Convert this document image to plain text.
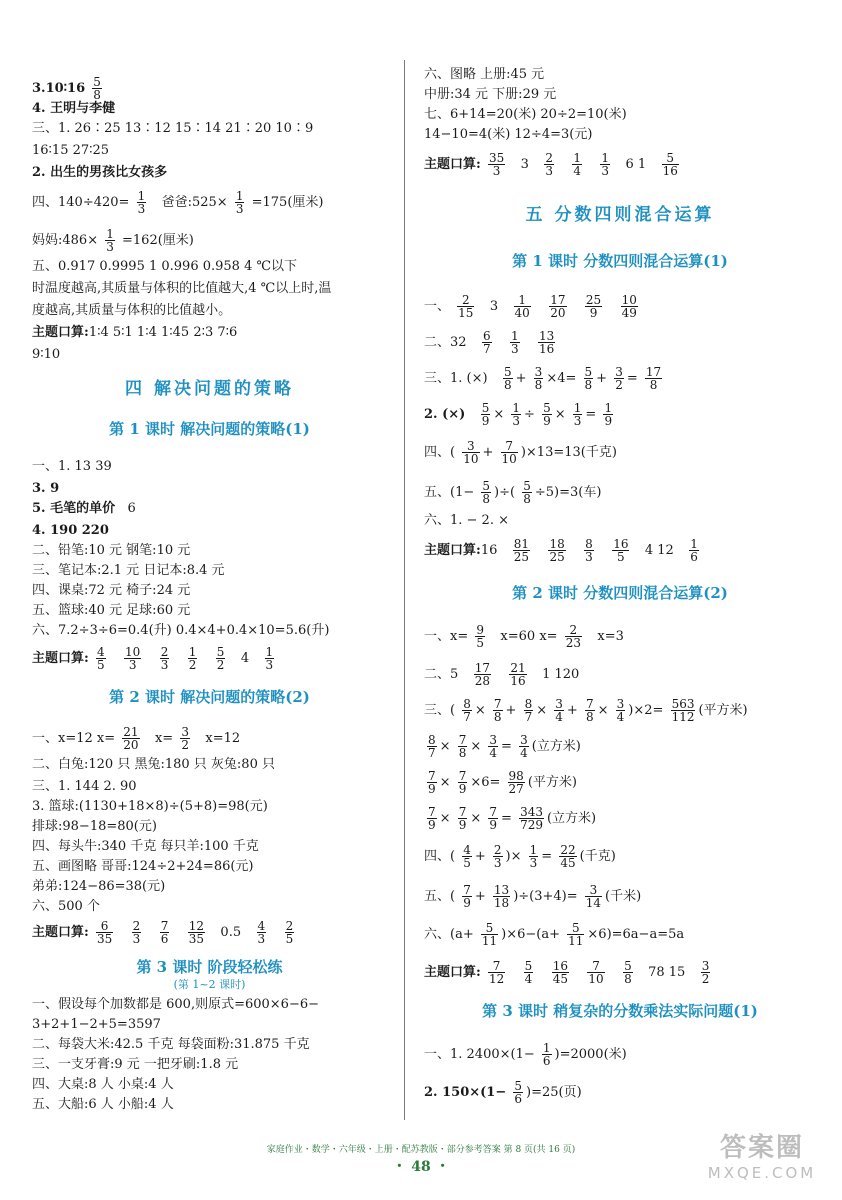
3.10∶16 $\frac{5}{8}$
4. 王明与李健
三、1. 26∶25 13∶12 15∶14 21∶20 10∶9
16∶15 27∶25
2. 出生的男孩比女孩多
四、$140\div 420= \frac{1}{3}$ 爸爸:525× $\frac{1}{3} =175$(厘米)
妈妈:486× $\frac{1}{3} =162$(厘米)
五、0.917 0.9995 1 0.996 0.958 4 ℃以下
时温度越高,其质量与体积的比值越大,4 ℃以上时,温
度越高,其质量与体积的比值越小。
主题口算:1∶4 5∶1 1∶4 1∶45 2∶3 7∶6
9∶10
四 解决问题的策略
第 1 课时 解决问题的策略(1)
一、1. 13 39
3. 9
5. 毛笔的单价 6
4. 190 220
二、铅笔:10 元 钢笔:10 元
三、笔记本:2.1 元 日记本:8.4 元
四、课桌:72 元 椅子:24 元
五、篮球:40 元 足球:60 元
六、7.2÷3÷6=0.4(升) 0.4×4+0.4×10=5.6(升)
主题口算: $\frac{4}{5}$
$\frac{10}{3}$
$\frac{2}{3}$
$\frac{1}{2}$
$\frac{5}{2} 4 \frac{1}{3}$
第 2 课时 解决问题的策略(2)
一、x=12 $x= \frac{21}{20} x= \frac{3}{2} x=12$
二、白兔:120 只 黑兔:180 只 灰兔:80 只
三、1. 144 2. 90
3. 篮球:(1130+18×8)÷(5+8)=98(元)
排球:98−18=80(元)
四、每头牛:340 千克 每只羊:100 千克
五、画图略 哥哥:124÷2+24=86(元)
弟弟:124−86=38(元)
六、500 个
主题口算: $\frac{6}{35}$
$\frac{2}{3}$
$\frac{7}{6}$
$\frac{12}{35} 0.5 \frac{4}{3}$
$\frac{2}{5}$
第 3 课时 阶段轻松练
(第 1~2 课时)
一、假设每个加数都是 600,则原式=600×6−6−
3+2+1−2+5=3597
二、每袋大米:42.5 千克 每袋面粉:31.875 千克
三、一支牙膏:9 元 一把牙刷:1.8 元
四、大桌:8 人 小桌:4 人
五、大船:6 人 小船:4 人
六、图略 上册:45 元
中册:34 元 下册:29 元
七、6+14=20(米) 20÷2=10(米)
14−10=4(米) 12÷4=3(元)
主题口算: $\frac{35}{3} 3 \frac{2}{3}$
$\frac{1}{4}$
$\frac{1}{3} 6$ $1 \frac{5}{16}$
五 分数四则混合运算
第 1 课时 分数四则混合运算(1)
一、 $\frac{2}{15} 3 \frac{1}{40}$
$\frac{17}{20}$
$\frac{25}{9}$
$\frac{10}{49}$
二、$32 \frac{6}{7}$
$\frac{1}{3}$
$\frac{13}{16}$
三、1. (×) $\frac{5}{8} + \frac{3}{8} \times 4= \frac{5}{8} + \frac{3}{2} = \frac{17}{8}$
2. (×) $\frac{5}{9} \times \frac{1}{3} \div \frac{5}{9} \times \frac{1}{3} = \frac{1}{9}$
四、( $\frac{3}{10} + \frac{7}{10} )\times 13=13$(千克)
五、($1- \frac{5}{8}$ )÷( $\frac{5}{8} \div 5)=3$(车)
六、1. − 2. ×
主题口算:16 $\frac{81}{25}$
$\frac{18}{25}$
$\frac{8}{3}$
$\frac{16}{5} 4$ $12 \frac{1}{6}$
第 2 课时 分数四则混合运算(2)
一、$x= \frac{9}{5} x=60$ $x= \frac{2}{23} x=3$
二、$5 \frac{17}{28}$
$\frac{21}{16} 1$ 120
三、( $\frac{8}{7} \times \frac{7}{8} + \frac{8}{7} \times \frac{3}{4} + \frac{7}{8} \times \frac{3}{4} )\times 2= \frac{563}{112}$ (平方米)
$\frac{8}{7} \times \frac{7}{8} \times \frac{3}{4} = \frac{3}{4}$ (立方米)
$\frac{7}{9} \times \frac{7}{9} \times 6= \frac{98}{27}$ (平方米)
$\frac{7}{9} \times \frac{7}{9} \times \frac{7}{9} = \frac{343}{729}$ (立方米)
四、( $\frac{4}{5} + \frac{2}{3}$ )× $\frac{1}{3} = \frac{22}{45}$ (千克)
五、( $\frac{7}{9} + \frac{13}{18} )\div(3+4)= \frac{3}{14}$ (千米)
六、$(a+ \frac{5}{11} )\times 6-(a+ \frac{5}{11} \times 6)=6a-a=5a$
主题口算: $\frac{7}{12}$
$\frac{5}{4}$
$\frac{16}{45}$
$\frac{7}{10}$
$\frac{5}{8} 78$ $15 \frac{3}{2}$
第 3 课时 稍复杂的分数乘法实际问题(1)
一、1. $2400\times(1- \frac{1}{6} )=2000$(米)
2. $150\times(1- \frac{5}{6} )=25$(页)
家庭作业・数学・六年级・上册・配苏教版・部分参考答案 第 8 页(共 16 页)
・ 48 ・
答案圈
MXQE.COM
